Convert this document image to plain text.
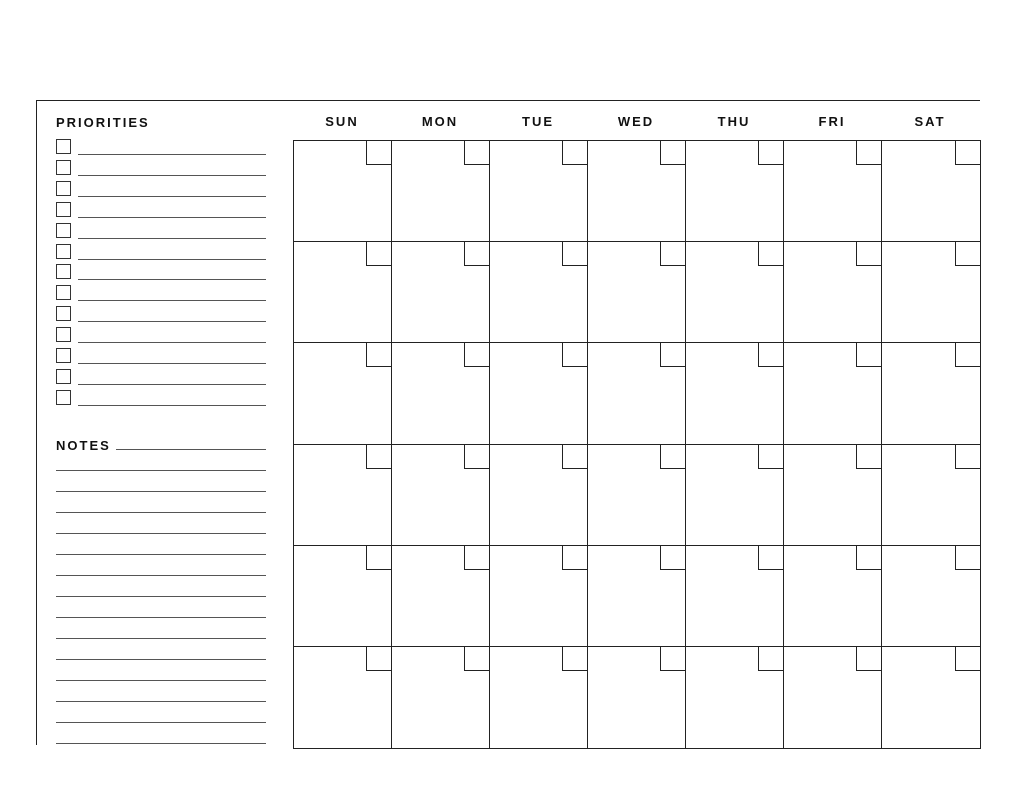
PRIORITIES
NOTES
SUN	MON	TUE	WED	THU	FRI	SAT
